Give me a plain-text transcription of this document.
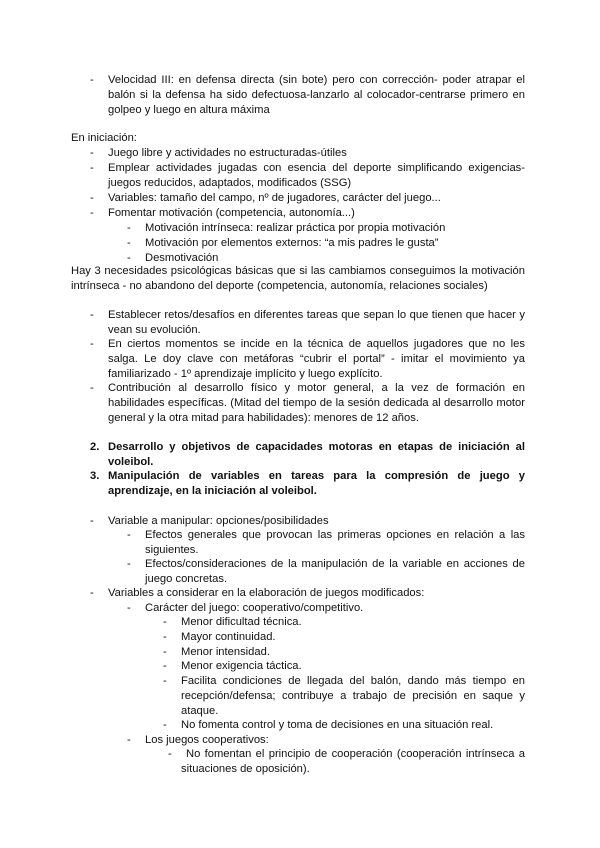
-	Velocidad III: en defensa directa (sin bote) pero con corrección- poder atrapar el balón si la defensa ha sido defectuosa-lanzarlo al colocador-centrarse primero en golpeo y luego en altura máxima
En iniciación:
-	Juego libre y actividades no estructuradas-útiles
-	Emplear actividades jugadas con esencia del deporte simplificando exigencias-juegos reducidos, adaptados, modificados (SSG)
-	Variables: tamaño del campo, nº de jugadores, carácter del juego...
-	Fomentar motivación (competencia, autonomía...)
-	Motivación intrínseca: realizar práctica por propia motivación
-	Motivación por elementos externos: “a mis padres le gusta”
-	Desmotivación
Hay 3 necesidades psicológicas básicas que si las cambiamos conseguimos la motivación intrínseca - no abandono del deporte (competencia, autonomía, relaciones sociales)
-	Establecer retos/desafíos en diferentes tareas que sepan lo que tienen que hacer y vean su evolución.
-	En ciertos momentos se incide en la técnica de aquellos jugadores que no les salga. Le doy clave con metáforas “cubrir el portal” - imitar el movimiento ya familiarizado - 1º aprendizaje implícito y luego explícito.
-	Contribución al desarrollo físico y motor general, a la vez de formación en habilidades específicas. (Mitad del tiempo de la sesión dedicada al desarrollo motor general y la otra mitad para habilidades): menores de 12 años.
2. Desarrollo y objetivos de capacidades motoras en etapas de iniciación al voleibol.
3. Manipulación de variables en tareas para la compresión de juego y aprendizaje, en la iniciación al voleibol.
-	Variable a manipular: opciones/posibilidades
-	Efectos generales que provocan las primeras opciones en relación a las siguientes.
-	Efectos/consideraciones de la manipulación de la variable en acciones de juego concretas.
-	Variables a considerar en la elaboración de juegos modificados:
-	Carácter del juego: cooperativo/competitivo.
-	Menor dificultad técnica.
-	Mayor continuidad.
-	Menor intensidad.
-	Menor exigencia táctica.
-	Facilita condiciones de llegada del balón, dando más tiempo en recepción/defensa; contribuye a trabajo de precisión en saque y ataque.
-	No fomenta control y toma de decisiones en una situación real.
-	Los juegos cooperativos:
-	No fomentan el principio de cooperación (cooperación intrínseca a situaciones de oposición).
